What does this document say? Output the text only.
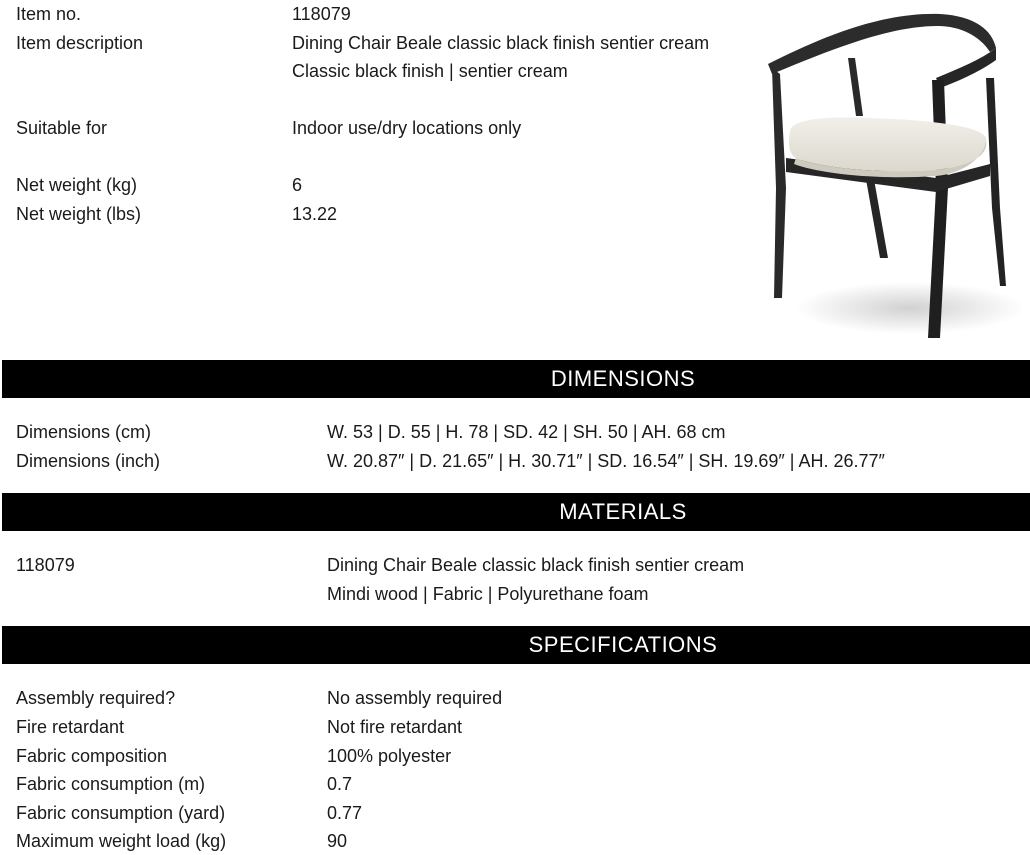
Item no.	118079
Item description	Dining Chair Beale classic black finish sentier cream
Classic black finish | sentier cream
Suitable for	Indoor use/dry locations only
Net weight (kg)	6
Net weight (lbs)	13.22
DIMENSIONS
Dimensions (cm)	W. 53 | D. 55 | H. 78 | SD. 42 | SH. 50 | AH. 68 cm
Dimensions (inch)	W. 20.87″ | D. 21.65″ | H. 30.71″ | SD. 16.54″ | SH. 19.69″ | AH. 26.77″
MATERIALS
118079	Dining Chair Beale classic black finish sentier cream
Mindi wood | Fabric | Polyurethane foam
SPECIFICATIONS
Assembly required?	No assembly required
Fire retardant	Not fire retardant
Fabric composition	100% polyester
Fabric consumption (m)	0.7
Fabric consumption (yard)	0.77
Maximum weight load (kg)	90
